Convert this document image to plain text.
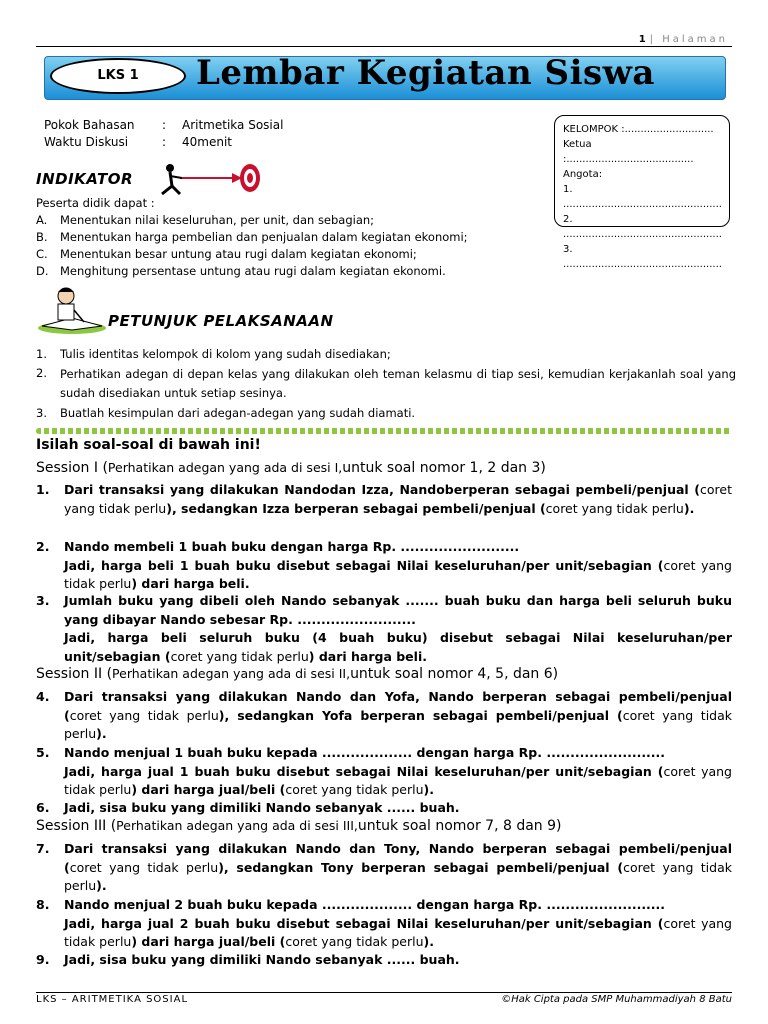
1 | Halaman
LKS 1	Lembar Kegiatan Siswa
Pokok Bahasan : Aritmetika Sosial
Waktu Diskusi	: 40menit
KELOMPOK :............................
Ketua :........................................
Angota:
1. ..................................................
2. ..................................................
3. ..................................................
INDIKATOR
Peserta didik dapat :
A.	Menentukan nilai keseluruhan, per unit, dan sebagian;
B.	Menentukan harga pembelian dan penjualan dalam kegiatan ekonomi;
C.	Menentukan besar untung atau rugi dalam kegiatan ekonomi;
D. Menghitung persentase untung atau rugi dalam kegiatan ekonomi.
PETUNJUK PELAKSANAAN
1.	Tulis identitas kelompok di kolom yang sudah disediakan;
2.	Perhatikan adegan di depan kelas yang dilakukan oleh teman kelasmu di tiap sesi, kemudian kerjakanlah soal yang sudah disediakan untuk setiap sesinya.
3.	Buatlah kesimpulan dari adegan-adegan yang sudah diamati.
Isilah soal-soal di bawah ini!
Session I (Perhatikan adegan yang ada di sesi I,untuk soal nomor 1, 2 dan 3)
1.	Dari transaksi yang dilakukan Nandodan Izza, Nandoberperan sebagai pembeli/penjual (coret yang tidak perlu), sedangkan Izza berperan sebagai pembeli/penjual (coret yang tidak perlu).
2.	Nando membeli 1 buah buku dengan harga Rp. .........................
Jadi, harga beli 1 buah buku disebut sebagai Nilai keseluruhan/per unit/sebagian (coret yang tidak perlu) dari harga beli.
3.	Jumlah buku yang dibeli oleh Nando sebanyak ....... buah buku dan harga beli seluruh buku yang dibayar Nando sebesar Rp. .........................
Jadi, harga beli seluruh buku (4 buah buku) disebut sebagai Nilai keseluruhan/per unit/sebagian (coret yang tidak perlu) dari harga beli.
Session II (Perhatikan adegan yang ada di sesi II,untuk soal nomor 4, 5, dan 6)
4.	Dari transaksi yang dilakukan Nando dan Yofa, Nando berperan sebagai pembeli/penjual (coret yang tidak perlu), sedangkan Yofa berperan sebagai pembeli/penjual (coret yang tidak perlu).
5.	Nando menjual 1 buah buku kepada ................... dengan harga Rp. .........................
Jadi, harga jual 1 buah buku disebut sebagai Nilai keseluruhan/per unit/sebagian (coret yang tidak perlu) dari harga jual/beli (coret yang tidak perlu).
6.	Jadi, sisa buku yang dimiliki Nando sebanyak ...... buah.
Session III (Perhatikan adegan yang ada di sesi III,untuk soal nomor 7, 8 dan 9)
7.	Dari transaksi yang dilakukan Nando dan Tony, Nando berperan sebagai pembeli/penjual (coret yang tidak perlu), sedangkan Tony berperan sebagai pembeli/penjual (coret yang tidak perlu).
8.	Nando menjual 2 buah buku kepada ................... dengan harga Rp. .........................
Jadi, harga jual 2 buah buku disebut sebagai Nilai keseluruhan/per unit/sebagian (coret yang tidak perlu) dari harga jual/beli (coret yang tidak perlu).
9.	Jadi, sisa buku yang dimiliki Nando sebanyak ...... buah.
LKS – ARITMETIKA SOSIAL	©Hak Cipta pada SMP Muhammadiyah 8 Batu
